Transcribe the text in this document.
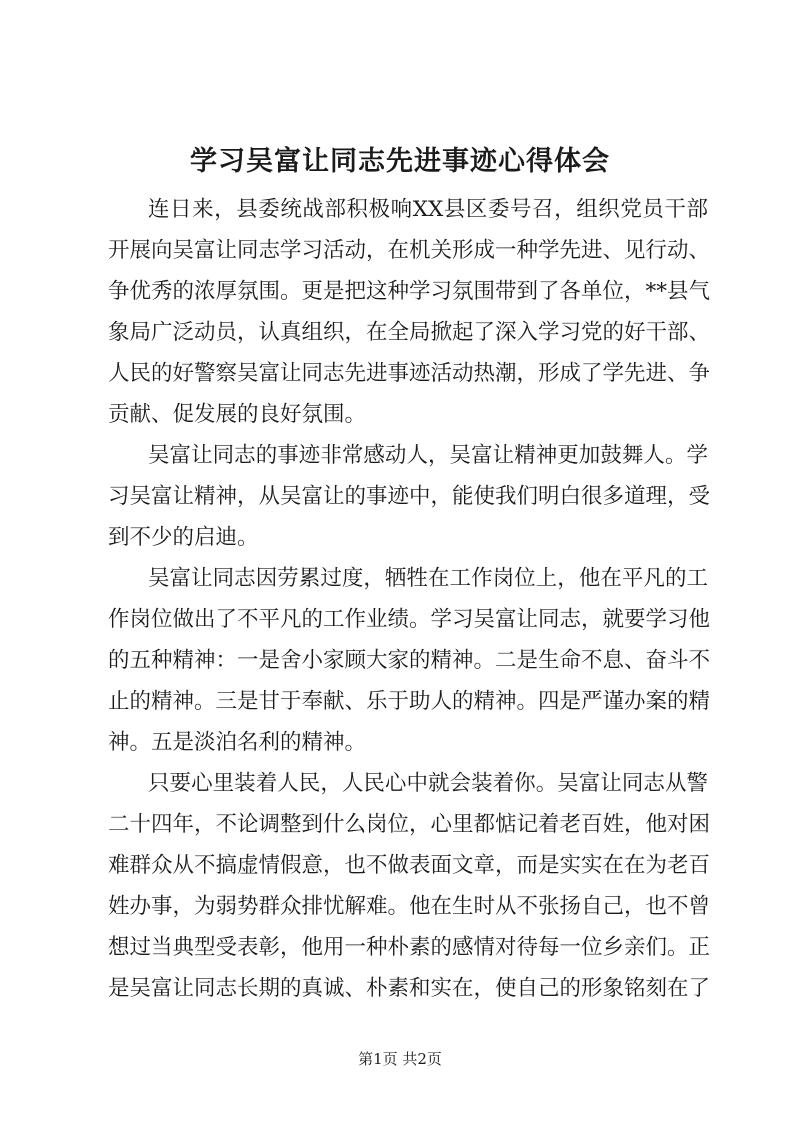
学习吴富让同志先进事迹心得体会
连日来，县委统战部积极响XX县区委号召，组织党员干部
开展向吴富让同志学习活动，在机关形成一种学先进、见行动、
争优秀的浓厚氛围。更是把这种学习氛围带到了各单位，**县气
象局广泛动员，认真组织，在全局掀起了深入学习党的好干部、
人民的好警察吴富让同志先进事迹活动热潮，形成了学先进、争
贡献、促发展的良好氛围。
吴富让同志的事迹非常感动人，吴富让精神更加鼓舞人。学
习吴富让精神，从吴富让的事迹中，能使我们明白很多道理，受
到不少的启迪。
吴富让同志因劳累过度，牺牲在工作岗位上，他在平凡的工
作岗位做出了不平凡的工作业绩。学习吴富让同志，就要学习他
的五种精神：一是舍小家顾大家的精神。二是生命不息、奋斗不
止的精神。三是甘于奉献、乐于助人的精神。四是严谨办案的精
神。五是淡泊名利的精神。
只要心里装着人民，人民心中就会装着你。吴富让同志从警
二十四年，不论调整到什么岗位，心里都惦记着老百姓，他对困
难群众从不搞虚情假意，也不做表面文章，而是实实在在为老百
姓办事，为弱势群众排忧解难。他在生时从不张扬自己，也不曾
想过当典型受表彰，他用一种朴素的感情对待每一位乡亲们。正
是吴富让同志长期的真诚、朴素和实在，使自己的形象铭刻在了
第1页 共2页
